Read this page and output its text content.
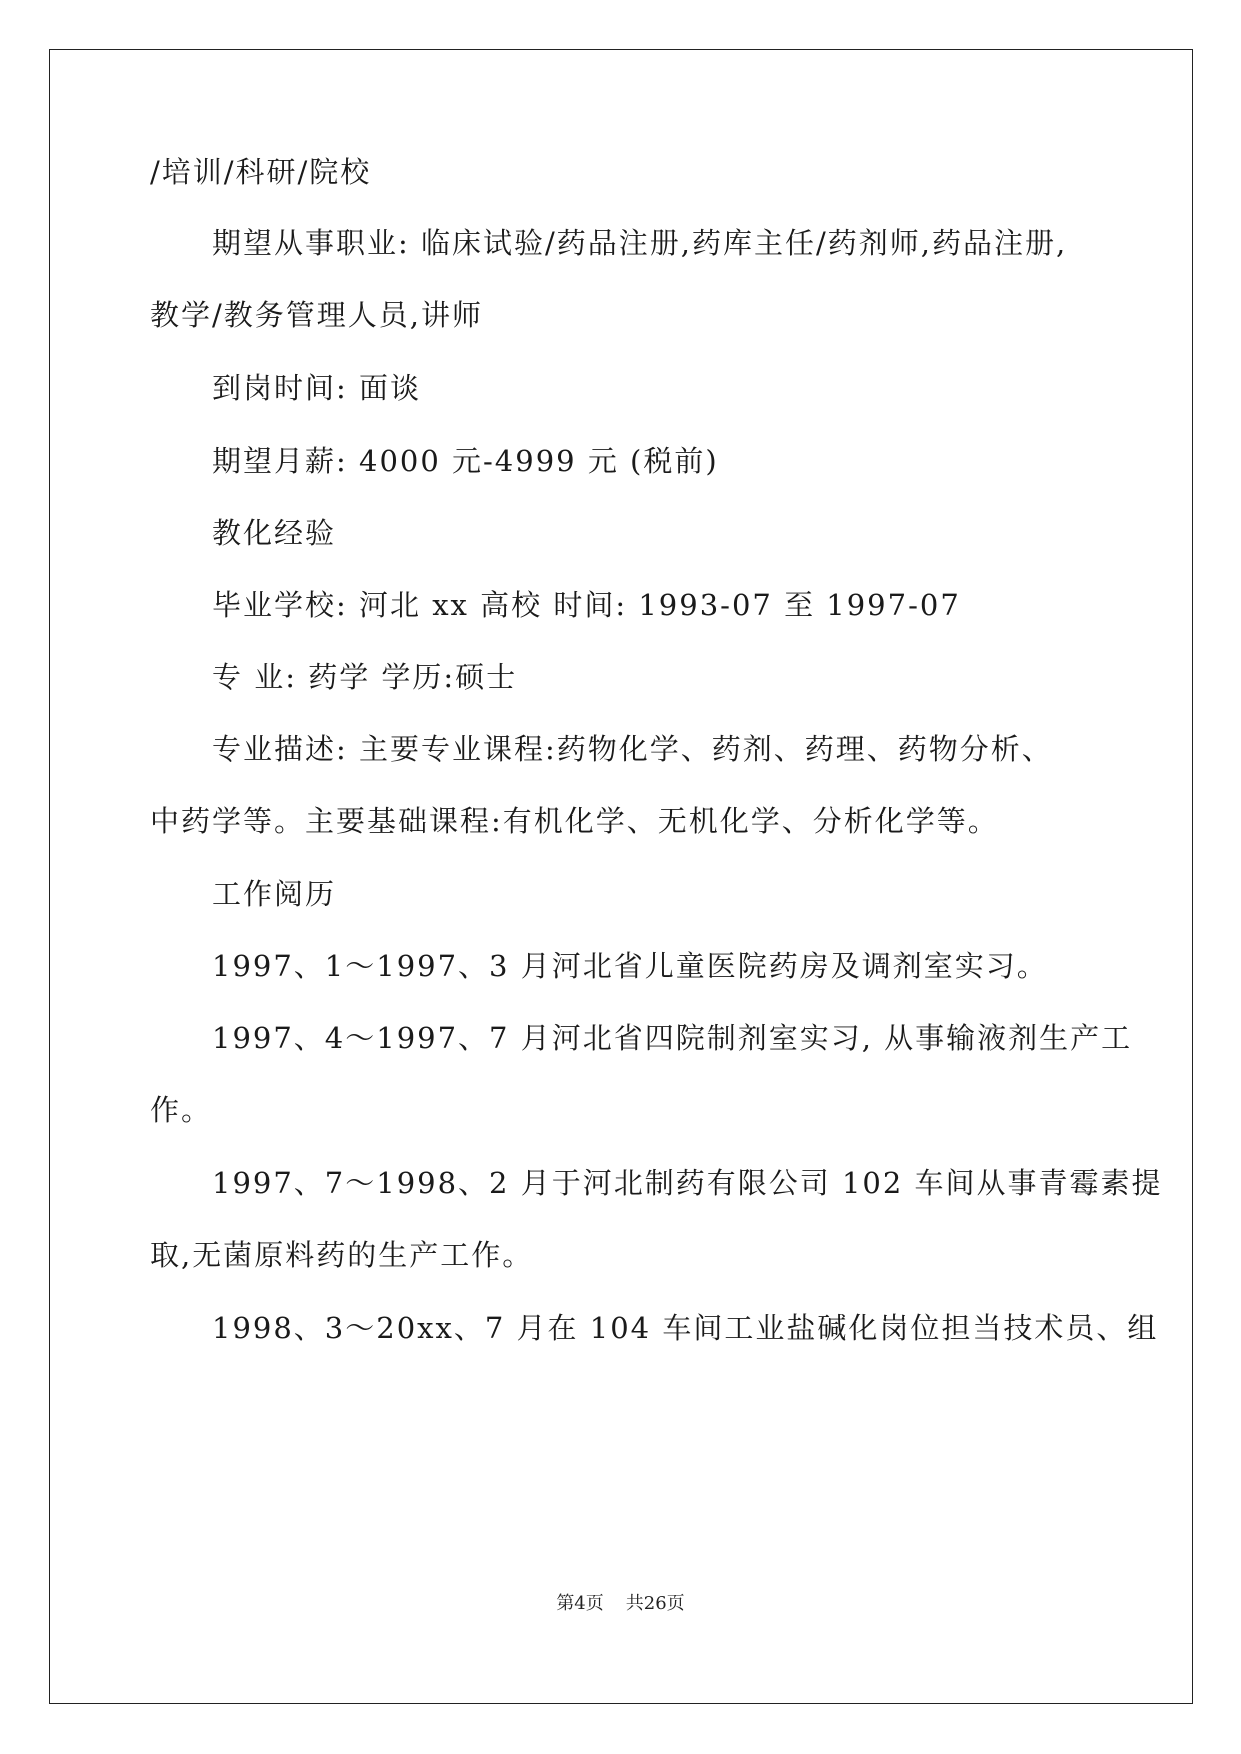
/培训/科研/院校
期望从事职业: 临床试验/药品注册,药库主任/药剂师,药品注册,
教学/教务管理人员,讲师
到岗时间: 面谈
期望月薪: 4000 元-4999 元 (税前)
教化经验
毕业学校: 河北 xx 高校 时间: 1993-07 至 1997-07
专 业: 药学 学历:硕士
专业描述: 主要专业课程:药物化学、药剂、药理、药物分析、
中药学等。主要基础课程:有机化学、无机化学、分析化学等。
工作阅历
1997、1～1997、3 月河北省儿童医院药房及调剂室实习。
1997、4～1997、7 月河北省四院制剂室实习, 从事输液剂生产工
作。
1997、7～1998、2 月于河北制药有限公司 102 车间从事青霉素提
取,无菌原料药的生产工作。
1998、3～20xx、7 月在 104 车间工业盐碱化岗位担当技术员、组
第4页 共26页
